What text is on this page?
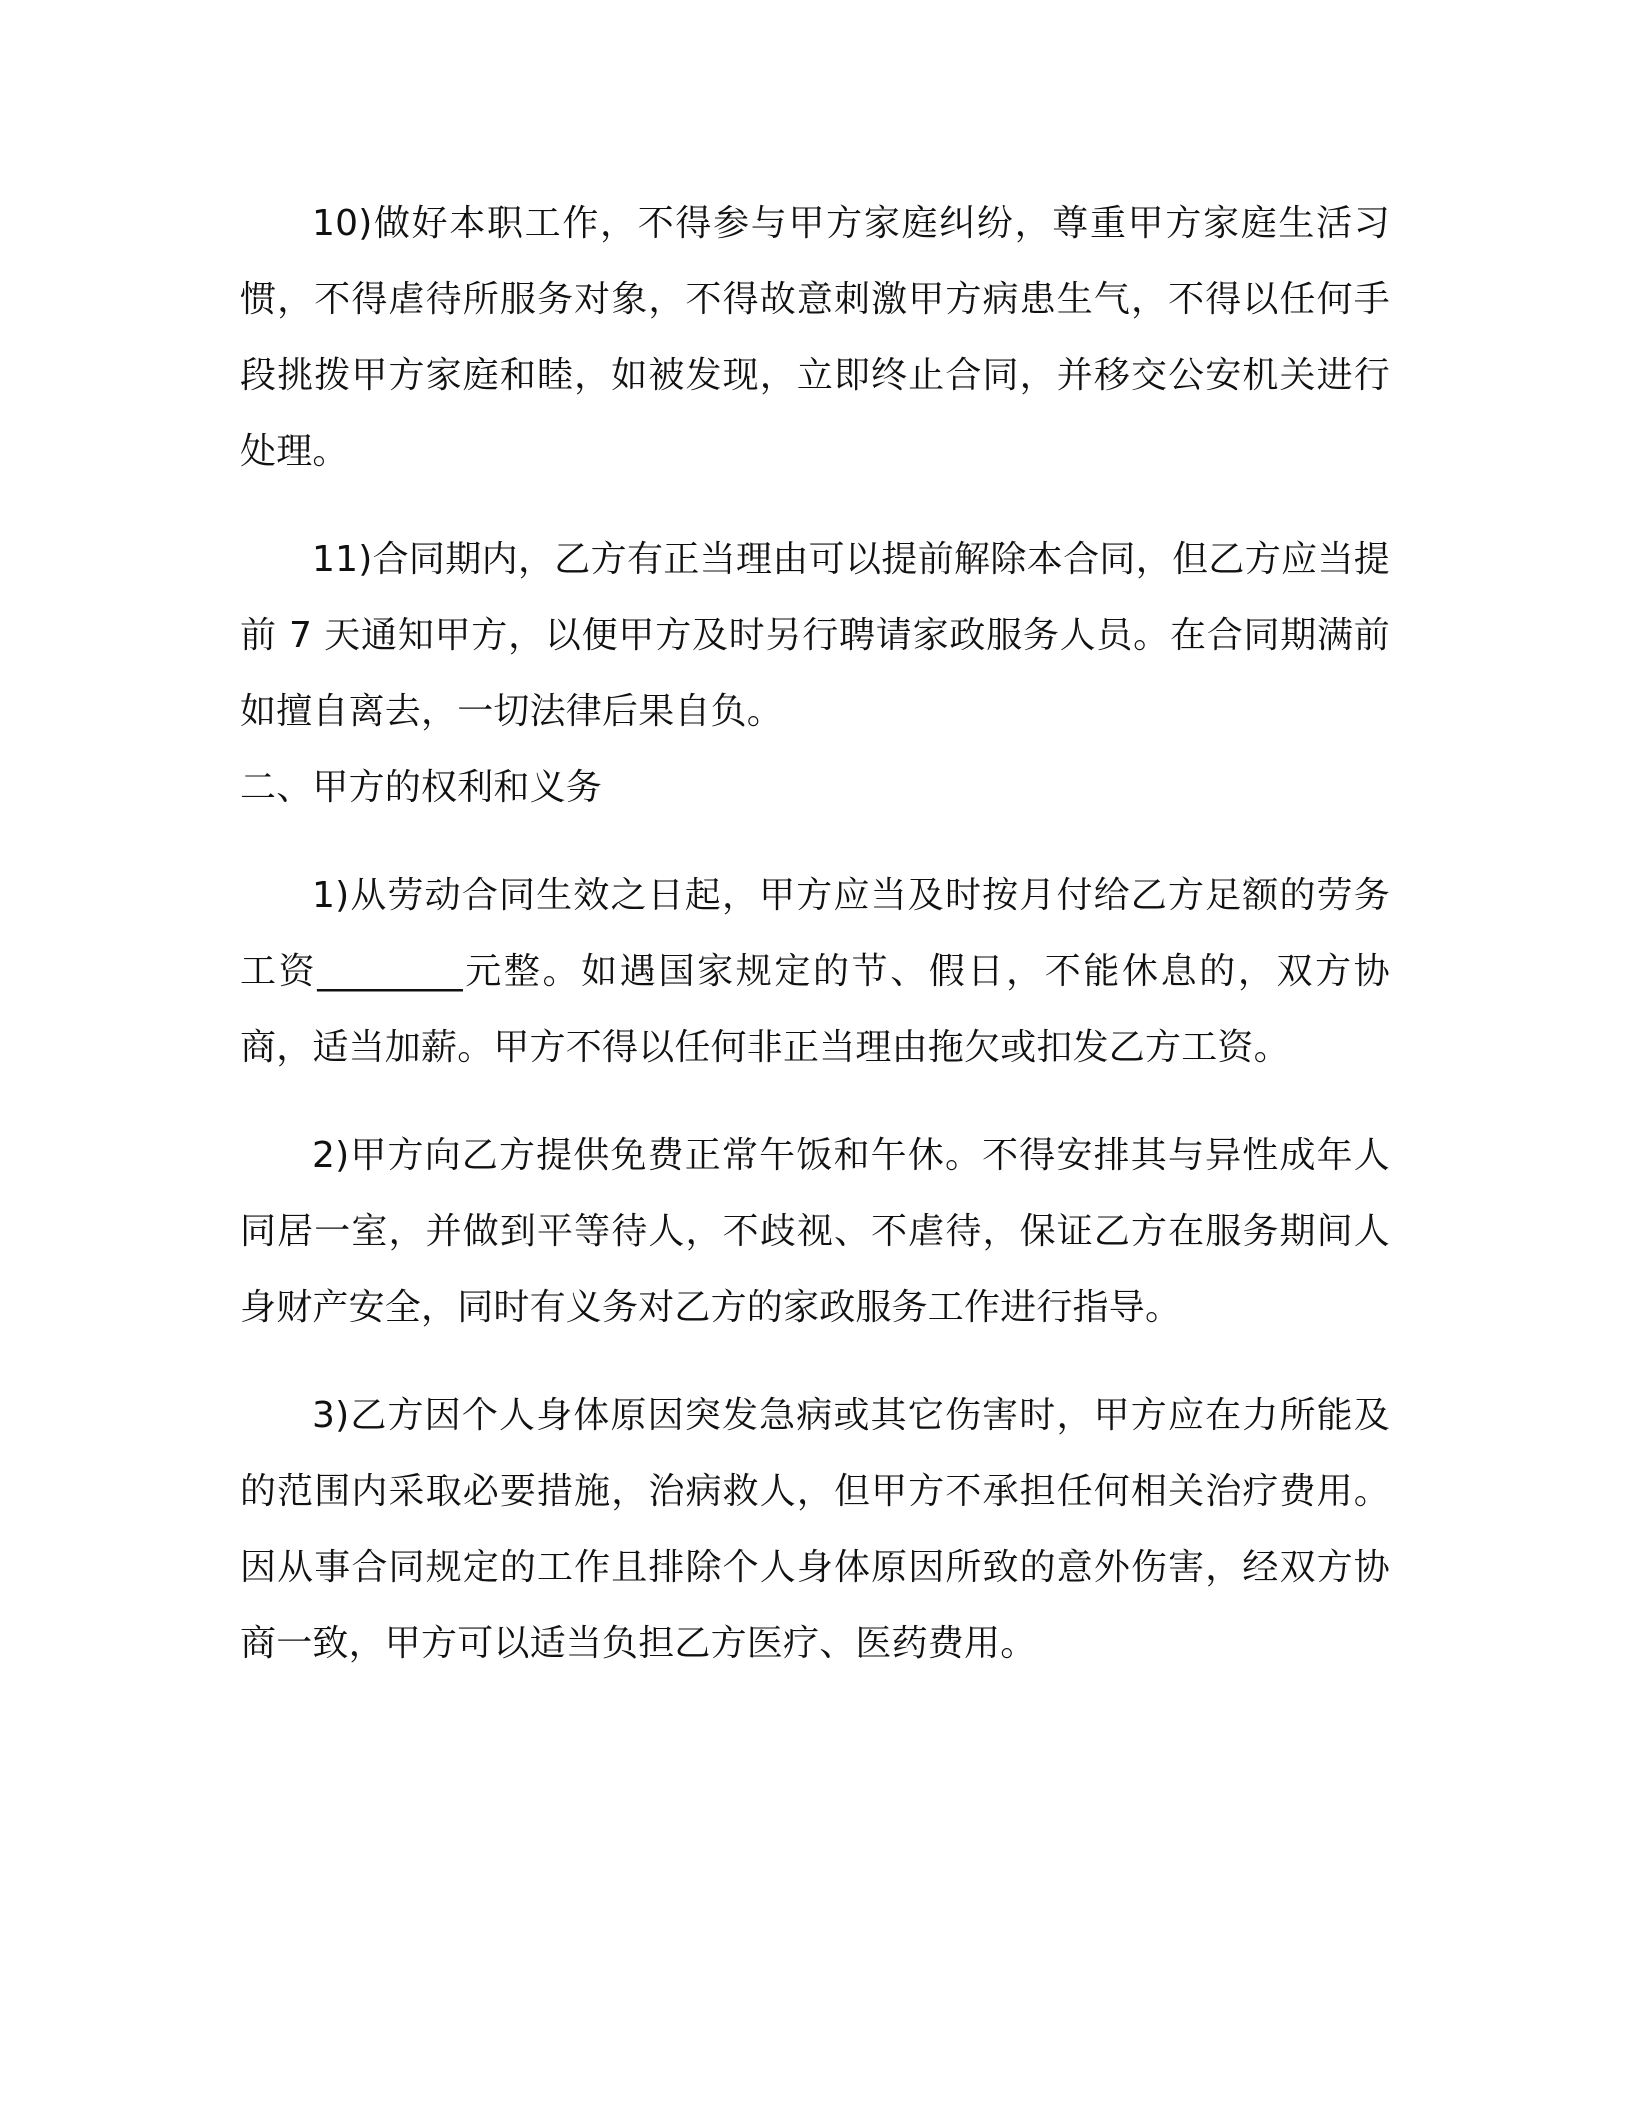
10)做好本职工作，不得参与甲方家庭纠纷，尊重甲方家庭生活习惯，不得虐待所服务对象，不得故意刺激甲方病患生气，不得以任何手段挑拨甲方家庭和睦，如被发现，立即终止合同，并移交公安机关进行处理。

11)合同期内，乙方有正当理由可以提前解除本合同，但乙方应当提前 7 天通知甲方，以便甲方及时另行聘请家政服务人员。在合同期满前如擅自离去，一切法律后果自负。

二、甲方的权利和义务

1)从劳动合同生效之日起，甲方应当及时按月付给乙方足额的劳务工资________元整。如遇国家规定的节、假日，不能休息的，双方协商，适当加薪。甲方不得以任何非正当理由拖欠或扣发乙方工资。

2)甲方向乙方提供免费正常午饭和午休。不得安排其与异性成年人同居一室，并做到平等待人，不歧视、不虐待，保证乙方在服务期间人身财产安全，同时有义务对乙方的家政服务工作进行指导。

3)乙方因个人身体原因突发急病或其它伤害时，甲方应在力所能及的范围内采取必要措施，治病救人，但甲方不承担任何相关治疗费用。因从事合同规定的工作且排除个人身体原因所致的意外伤害，经双方协商一致，甲方可以适当负担乙方医疗、医药费用。
